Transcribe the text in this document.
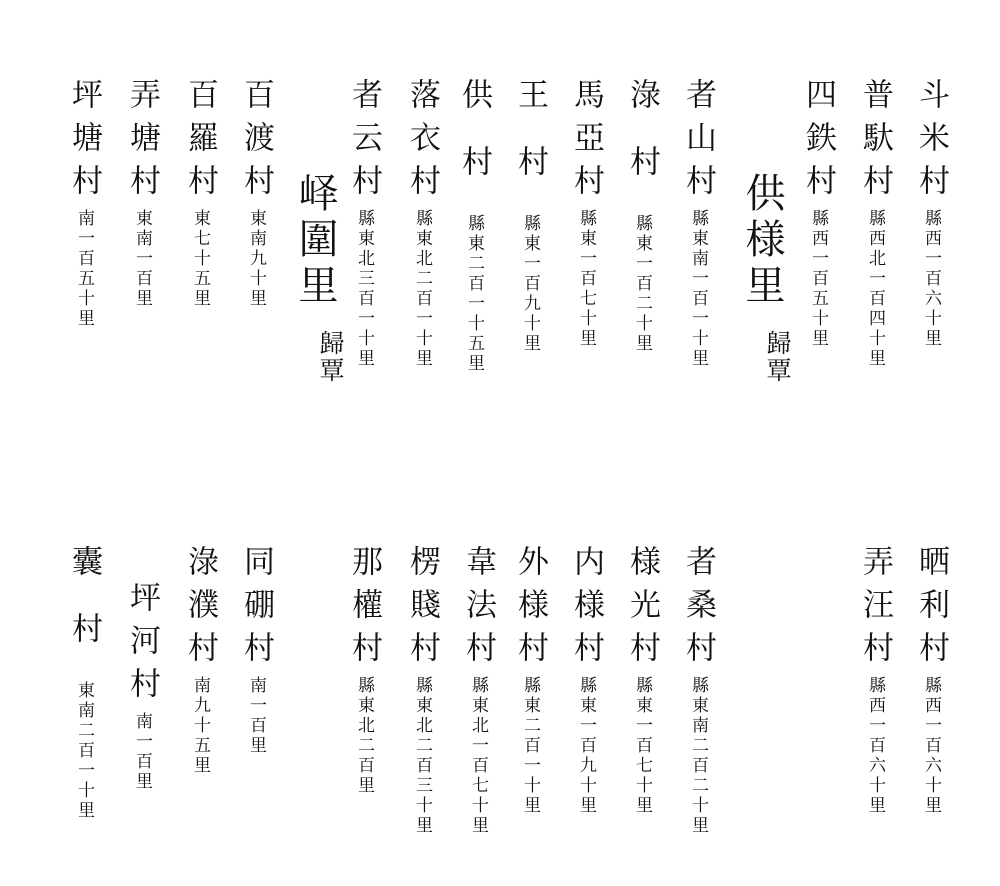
斗米村
縣西一百六十里
普馱村
縣西北一百四十里
四鉄村
縣西一百五十里
供様里
歸覃
者山村
縣東南一百一十里
淥村
縣東一百二十里
馬亞村
縣東一百七十里
王村
縣東一百九十里
供村
縣東二百一十五里
落衣村
縣東北二百一十里
者云村
縣東北三百一十里
峄圍里
歸覃
百渡村
東南九十里
百羅村
東七十五里
弄塘村
東南一百里
坪塘村
南一百五十里
晒利村
縣西一百六十里
弄汪村
縣西一百六十里
者桑村
縣東南二百二十里
様光村
縣東一百七十里
内様村
縣東一百九十里
外様村
縣東二百一十里
韋法村
縣東北一百七十里
楞賤村
縣東北二百三十里
那權村
縣東北二百里
同硼村
南一百里
淥濮村
南九十五里
坪河村
南一百里
囊村
東南二百一十里
